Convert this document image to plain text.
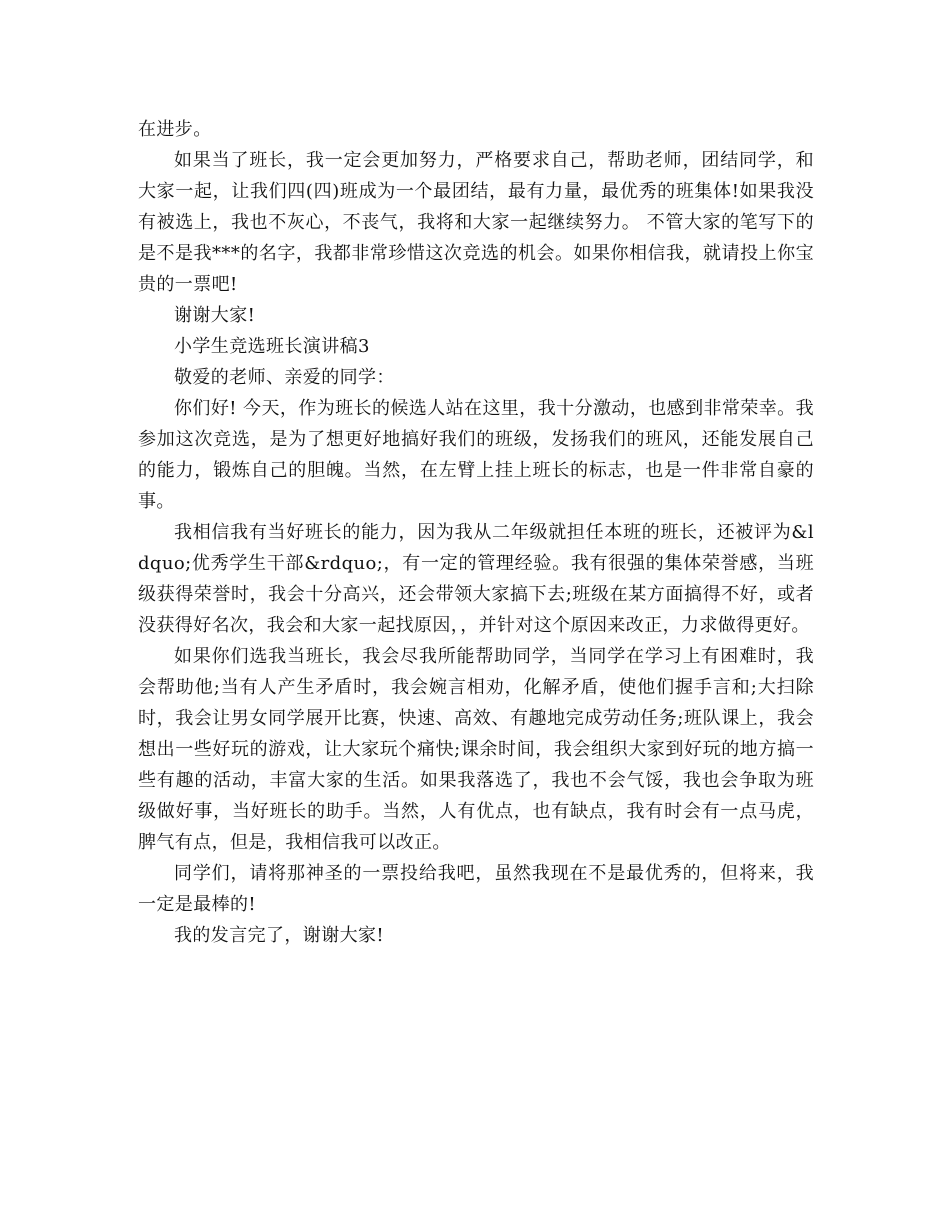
在进步。

如果当了班长，我一定会更加努力，严格要求自己，帮助老师，团结同学，和大家一起，让我们四(四)班成为一个最团结，最有力量，最优秀的班集体!如果我没有被选上，我也不灰心，不丧气，我将和大家一起继续努力。 不管大家的笔写下的是不是我***的名字，我都非常珍惜这次竞选的机会。如果你相信我，就请投上你宝贵的一票吧!

谢谢大家!

小学生竞选班长演讲稿3

敬爱的老师、亲爱的同学：

你们好! 今天，作为班长的候选人站在这里，我十分激动，也感到非常荣幸。我参加这次竞选，是为了想更好地搞好我们的班级，发扬我们的班风，还能发展自己的能力，锻炼自己的胆魄。当然，在左臂上挂上班长的标志，也是一件非常自豪的事。

我相信我有当好班长的能力，因为我从二年级就担任本班的班长，还被评为&ldquo;优秀学生干部&rdquo;，有一定的管理经验。我有很强的集体荣誉感，当班级获得荣誉时，我会十分高兴，还会带领大家搞下去;班级在某方面搞得不好，或者没获得好名次，我会和大家一起找原因，，并针对这个原因来改正，力求做得更好。

如果你们选我当班长，我会尽我所能帮助同学，当同学在学习上有困难时，我会帮助他;当有人产生矛盾时，我会婉言相劝，化解矛盾，使他们握手言和;大扫除时，我会让男女同学展开比赛，快速、高效、有趣地完成劳动任务;班队课上，我会想出一些好玩的游戏，让大家玩个痛快;课余时间，我会组织大家到好玩的地方搞一些有趣的活动，丰富大家的生活。如果我落选了，我也不会气馁，我也会争取为班级做好事，当好班长的助手。当然，人有优点，也有缺点，我有时会有一点马虎，脾气有点，但是，我相信我可以改正。

同学们，请将那神圣的一票投给我吧，虽然我现在不是最优秀的，但将来，我一定是最棒的!

我的发言完了，谢谢大家!
